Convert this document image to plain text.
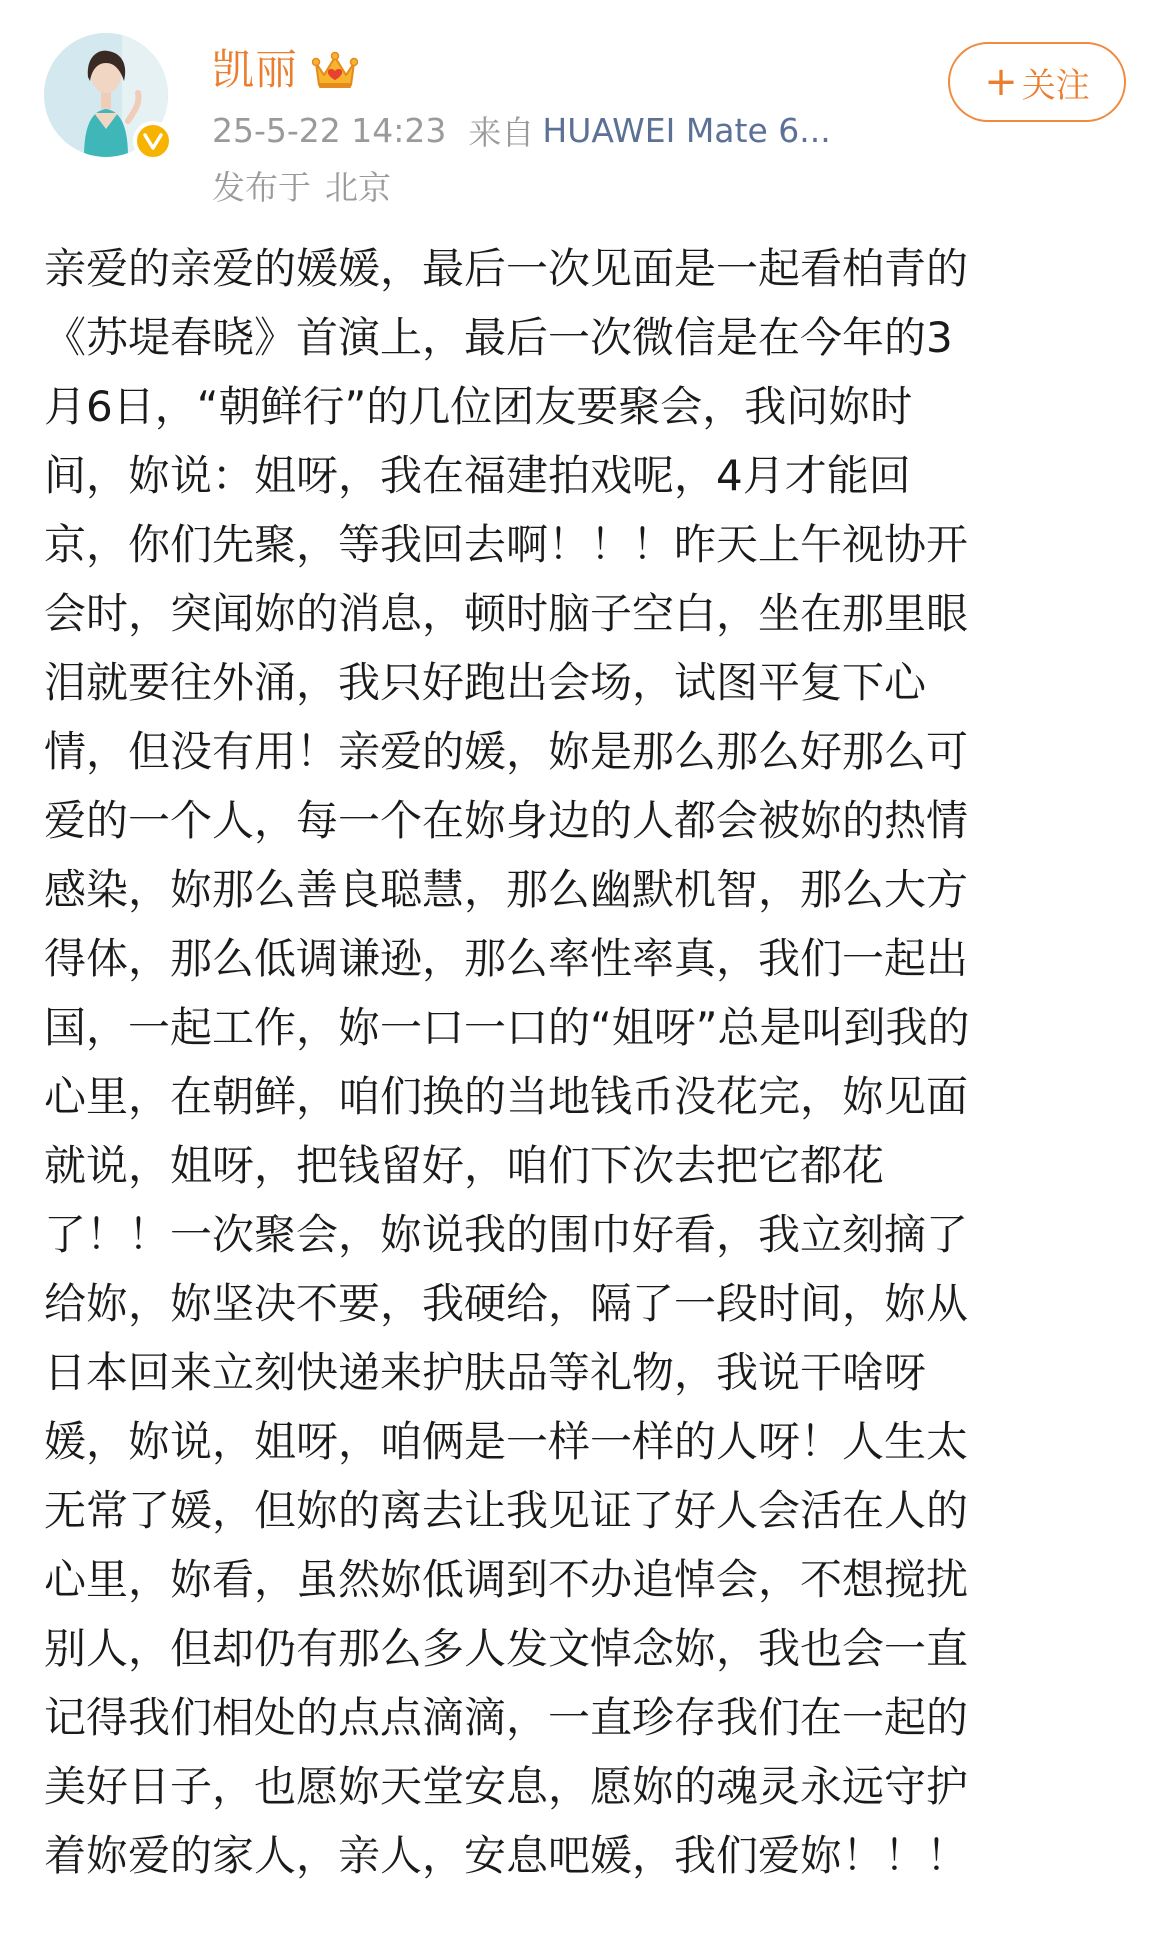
凯丽
25-5-22 14:23 来自 HUAWEI Mate 6...
发布于 北京
+ 关注
亲爱的亲爱的媛媛，最后一次见面是一起看柏青的
《苏堤春晓》首演上，最后一次微信是在今年的3
月6日，“朝鲜行”的几位团友要聚会，我问妳时
间，妳说：姐呀，我在福建拍戏呢，4月才能回
京，你们先聚，等我回去啊！！！昨天上午视协开
会时，突闻妳的消息，顿时脑子空白，坐在那里眼
泪就要往外涌，我只好跑出会场，试图平复下心
情，但没有用！亲爱的媛，妳是那么那么好那么可
爱的一个人，每一个在妳身边的人都会被妳的热情
感染，妳那么善良聪慧，那么幽默机智，那么大方
得体，那么低调谦逊，那么率性率真，我们一起出
国，一起工作，妳一口一口的“姐呀”总是叫到我的
心里，在朝鲜，咱们换的当地钱币没花完，妳见面
就说，姐呀，把钱留好，咱们下次去把它都花
了！！一次聚会，妳说我的围巾好看，我立刻摘了
给妳，妳坚决不要，我硬给，隔了一段时间，妳从
日本回来立刻快递来护肤品等礼物，我说干啥呀
媛，妳说，姐呀，咱俩是一样一样的人呀！人生太
无常了媛，但妳的离去让我见证了好人会活在人的
心里，妳看，虽然妳低调到不办追悼会，不想搅扰
别人，但却仍有那么多人发文悼念妳，我也会一直
记得我们相处的点点滴滴，一直珍存我们在一起的
美好日子，也愿妳天堂安息，愿妳的魂灵永远守护
着妳爱的家人，亲人，安息吧媛，我们爱妳！！！
